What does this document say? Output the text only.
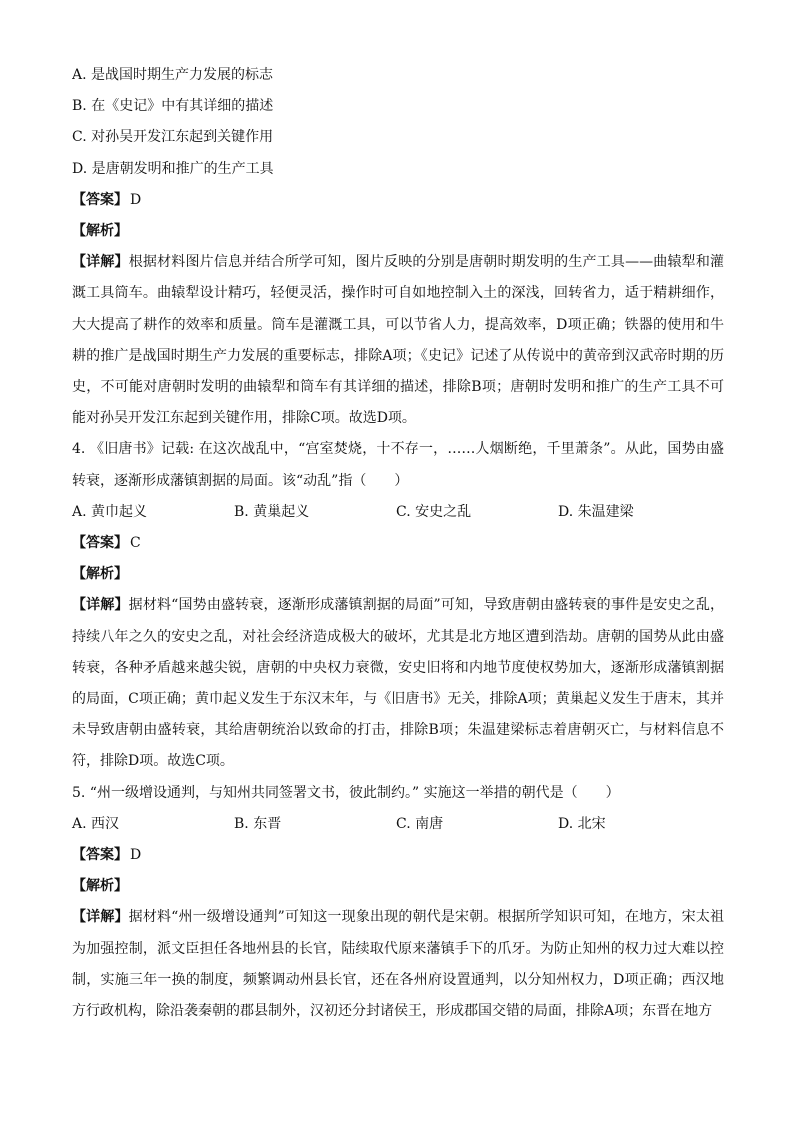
A. 是战国时期生产力发展的标志
B. 在《史记》中有其详细的描述
C. 对孙吴开发江东起到关键作用
D. 是唐朝发明和推广的生产工具
【答案】 D
【解析】
【详解】根据材料图片信息并结合所学可知，图片反映的分别是唐朝时期发明的生产工具——曲辕犁和灌溉工具筒车。曲辕犁设计精巧，轻便灵活，操作时可自如地控制入土的深浅，回转省力，适于精耕细作，大大提高了耕作的效率和质量。筒车是灌溉工具，可以节省人力，提高效率，D项正确；铁器的使用和牛耕的推广是战国时期生产力发展的重要标志，排除A项；《史记》记述了从传说中的黄帝到汉武帝时期的历史，不可能对唐朝时发明的曲辕犁和筒车有其详细的描述，排除B项；唐朝时发明和推广的生产工具不可能对孙吴开发江东起到关键作用，排除C项。故选D项。
4. 《旧唐书》记载: 在这次战乱中，“宫室焚烧，十不存一，……人烟断绝，千里萧条”。从此，国势由盛转衰，逐渐形成藩镇割据的局面。该“动乱”指（　　）
A. 黄巾起义	B. 黄巢起义	C. 安史之乱	D. 朱温建梁
【答案】 C
【解析】
【详解】据材料“国势由盛转衰，逐渐形成藩镇割据的局面”可知，导致唐朝由盛转衰的事件是安史之乱，持续八年之久的安史之乱，对社会经济造成极大的破坏，尤其是北方地区遭到浩劫。唐朝的国势从此由盛转衰，各种矛盾越来越尖锐，唐朝的中央权力衰微，安史旧将和内地节度使权势加大，逐渐形成藩镇割据的局面，C项正确；黄巾起义发生于东汉末年，与《旧唐书》无关，排除A项；黄巢起义发生于唐末，其并未导致唐朝由盛转衰，其给唐朝统治以致命的打击，排除B项；朱温建梁标志着唐朝灭亡，与材料信息不符，排除D项。故选C项。
5. “州一级增设通判，与知州共同签署文书，彼此制约。” 实施这一举措的朝代是（　　）
A. 西汉	B. 东晋	C. 南唐	D. 北宋
【答案】 D
【解析】
【详解】据材料“州一级增设通判”可知这一现象出现的朝代是宋朝。根据所学知识可知，在地方，宋太祖为加强控制，派文臣担任各地州县的长官，陆续取代原来藩镇手下的爪牙。为防止知州的权力过大难以控制，实施三年一换的制度，频繁调动州县长官，还在各州府设置通判，以分知州权力，D项正确；西汉地方行政机构，除沿袭秦朝的郡县制外，汉初还分封诸侯王，形成郡国交错的局面，排除A项；东晋在地方
